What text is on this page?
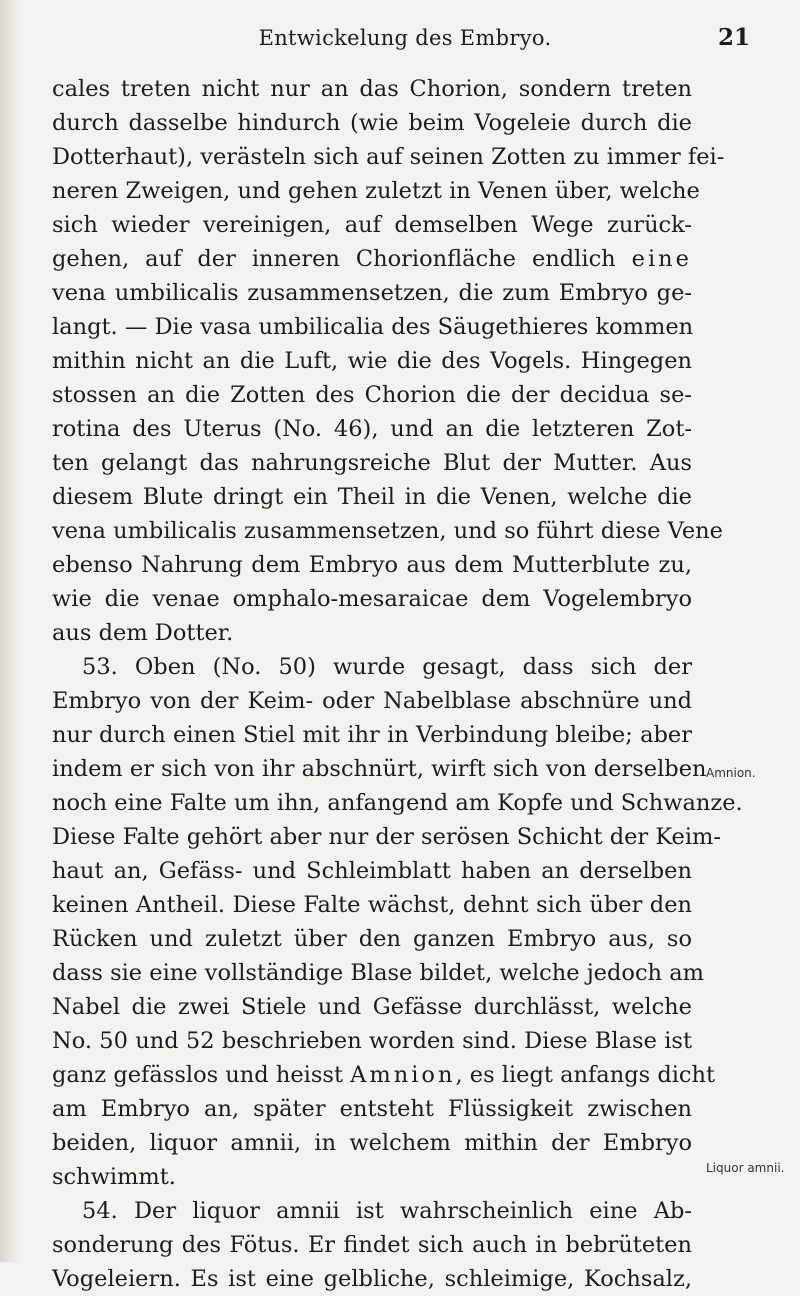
Entwickelung des Embryo.	21
cales treten nicht nur an das Chorion, sondern treten
durch dasselbe hindurch (wie beim Vogeleie durch die
Dotterhaut), verästeln sich auf seinen Zotten zu immer fei-
neren Zweigen, und gehen zuletzt in Venen über, welche
sich wieder vereinigen, auf demselben Wege zurück-
gehen, auf der inneren Chorionfläche endlich eine
vena umbilicalis zusammensetzen, die zum Embryo ge-
langt. — Die vasa umbilicalia des Säugethieres kommen
mithin nicht an die Luft, wie die des Vogels. Hingegen
stossen an die Zotten des Chorion die der decidua se-
rotina des Uterus (No. 46), und an die letzteren Zot-
ten gelangt das nahrungsreiche Blut der Mutter. Aus
diesem Blute dringt ein Theil in die Venen, welche die
vena umbilicalis zusammensetzen, und so führt diese Vene
ebenso Nahrung dem Embryo aus dem Mutterblute zu,
wie die venae omphalo-mesaraicae dem Vogelembryo
aus dem Dotter.
53. Oben (No. 50) wurde gesagt, dass sich der
Embryo von der Keim- oder Nabelblase abschnüre und
nur durch einen Stiel mit ihr in Verbindung bleibe; aber
indem er sich von ihr abschnürt, wirft sich von derselben
noch eine Falte um ihn, anfangend am Kopfe und Schwanze.
Diese Falte gehört aber nur der serösen Schicht der Keim-
haut an, Gefäss- und Schleimblatt haben an derselben
keinen Antheil. Diese Falte wächst, dehnt sich über den
Rücken und zuletzt über den ganzen Embryo aus, so
dass sie eine vollständige Blase bildet, welche jedoch am
Nabel die zwei Stiele und Gefässe durchlässt, welche
No. 50 und 52 beschrieben worden sind. Diese Blase ist
ganz gefässlos und heisst Amnion, es liegt anfangs dicht
am Embryo an, später entsteht Flüssigkeit zwischen
beiden, liquor amnii, in welchem mithin der Embryo
schwimmt.
54. Der liquor amnii ist wahrscheinlich eine Ab-
sonderung des Fötus. Er findet sich auch in bebrüteten
Vogeleiern. Es ist eine gelbliche, schleimige, Kochsalz,
Amnion.
Liquor amnii.
